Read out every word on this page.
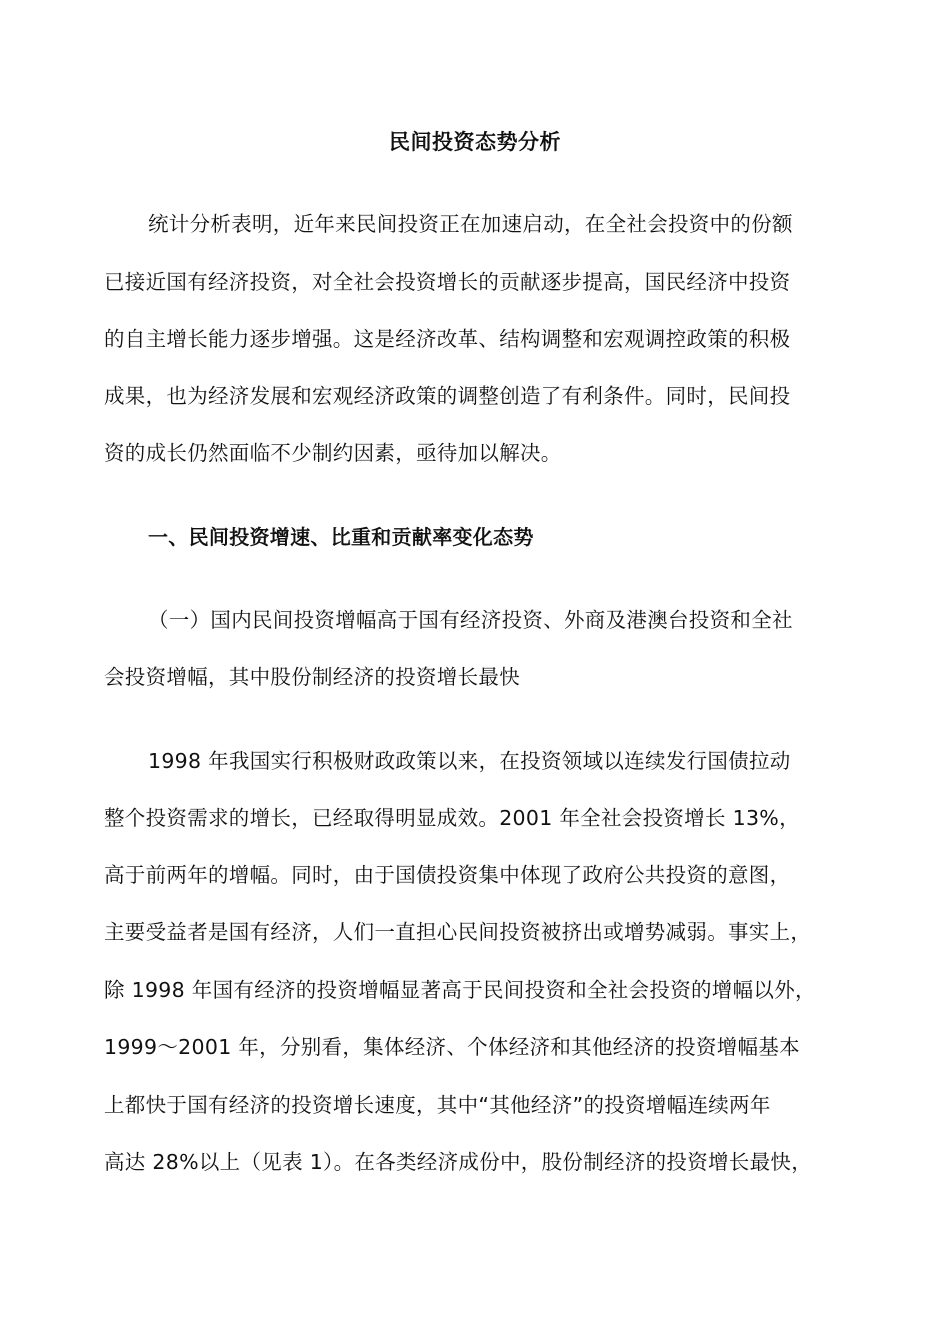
民间投资态势分析
统计分析表明，近年来民间投资正在加速启动，在全社会投资中的份额
已接近国有经济投资，对全社会投资增长的贡献逐步提高，国民经济中投资
的自主增长能力逐步增强。这是经济改革、结构调整和宏观调控政策的积极
成果，也为经济发展和宏观经济政策的调整创造了有利条件。同时，民间投
资的成长仍然面临不少制约因素，亟待加以解决。
一、民间投资增速、比重和贡献率变化态势
（一）国内民间投资增幅高于国有经济投资、外商及港澳台投资和全社
会投资增幅，其中股份制经济的投资增长最快
1998 年我国实行积极财政政策以来，在投资领域以连续发行国债拉动
整个投资需求的增长，已经取得明显成效。2001 年全社会投资增长 13%，
高于前两年的增幅。同时，由于国债投资集中体现了政府公共投资的意图，
主要受益者是国有经济，人们一直担心民间投资被挤出或增势减弱。事实上，
除 1998 年国有经济的投资增幅显著高于民间投资和全社会投资的增幅以外，
1999～2001 年，分别看，集体经济、个体经济和其他经济的投资增幅基本
上都快于国有经济的投资增长速度，其中“其他经济”的投资增幅连续两年
高达 28%以上（见表 1）。在各类经济成份中，股份制经济的投资增长最快，
